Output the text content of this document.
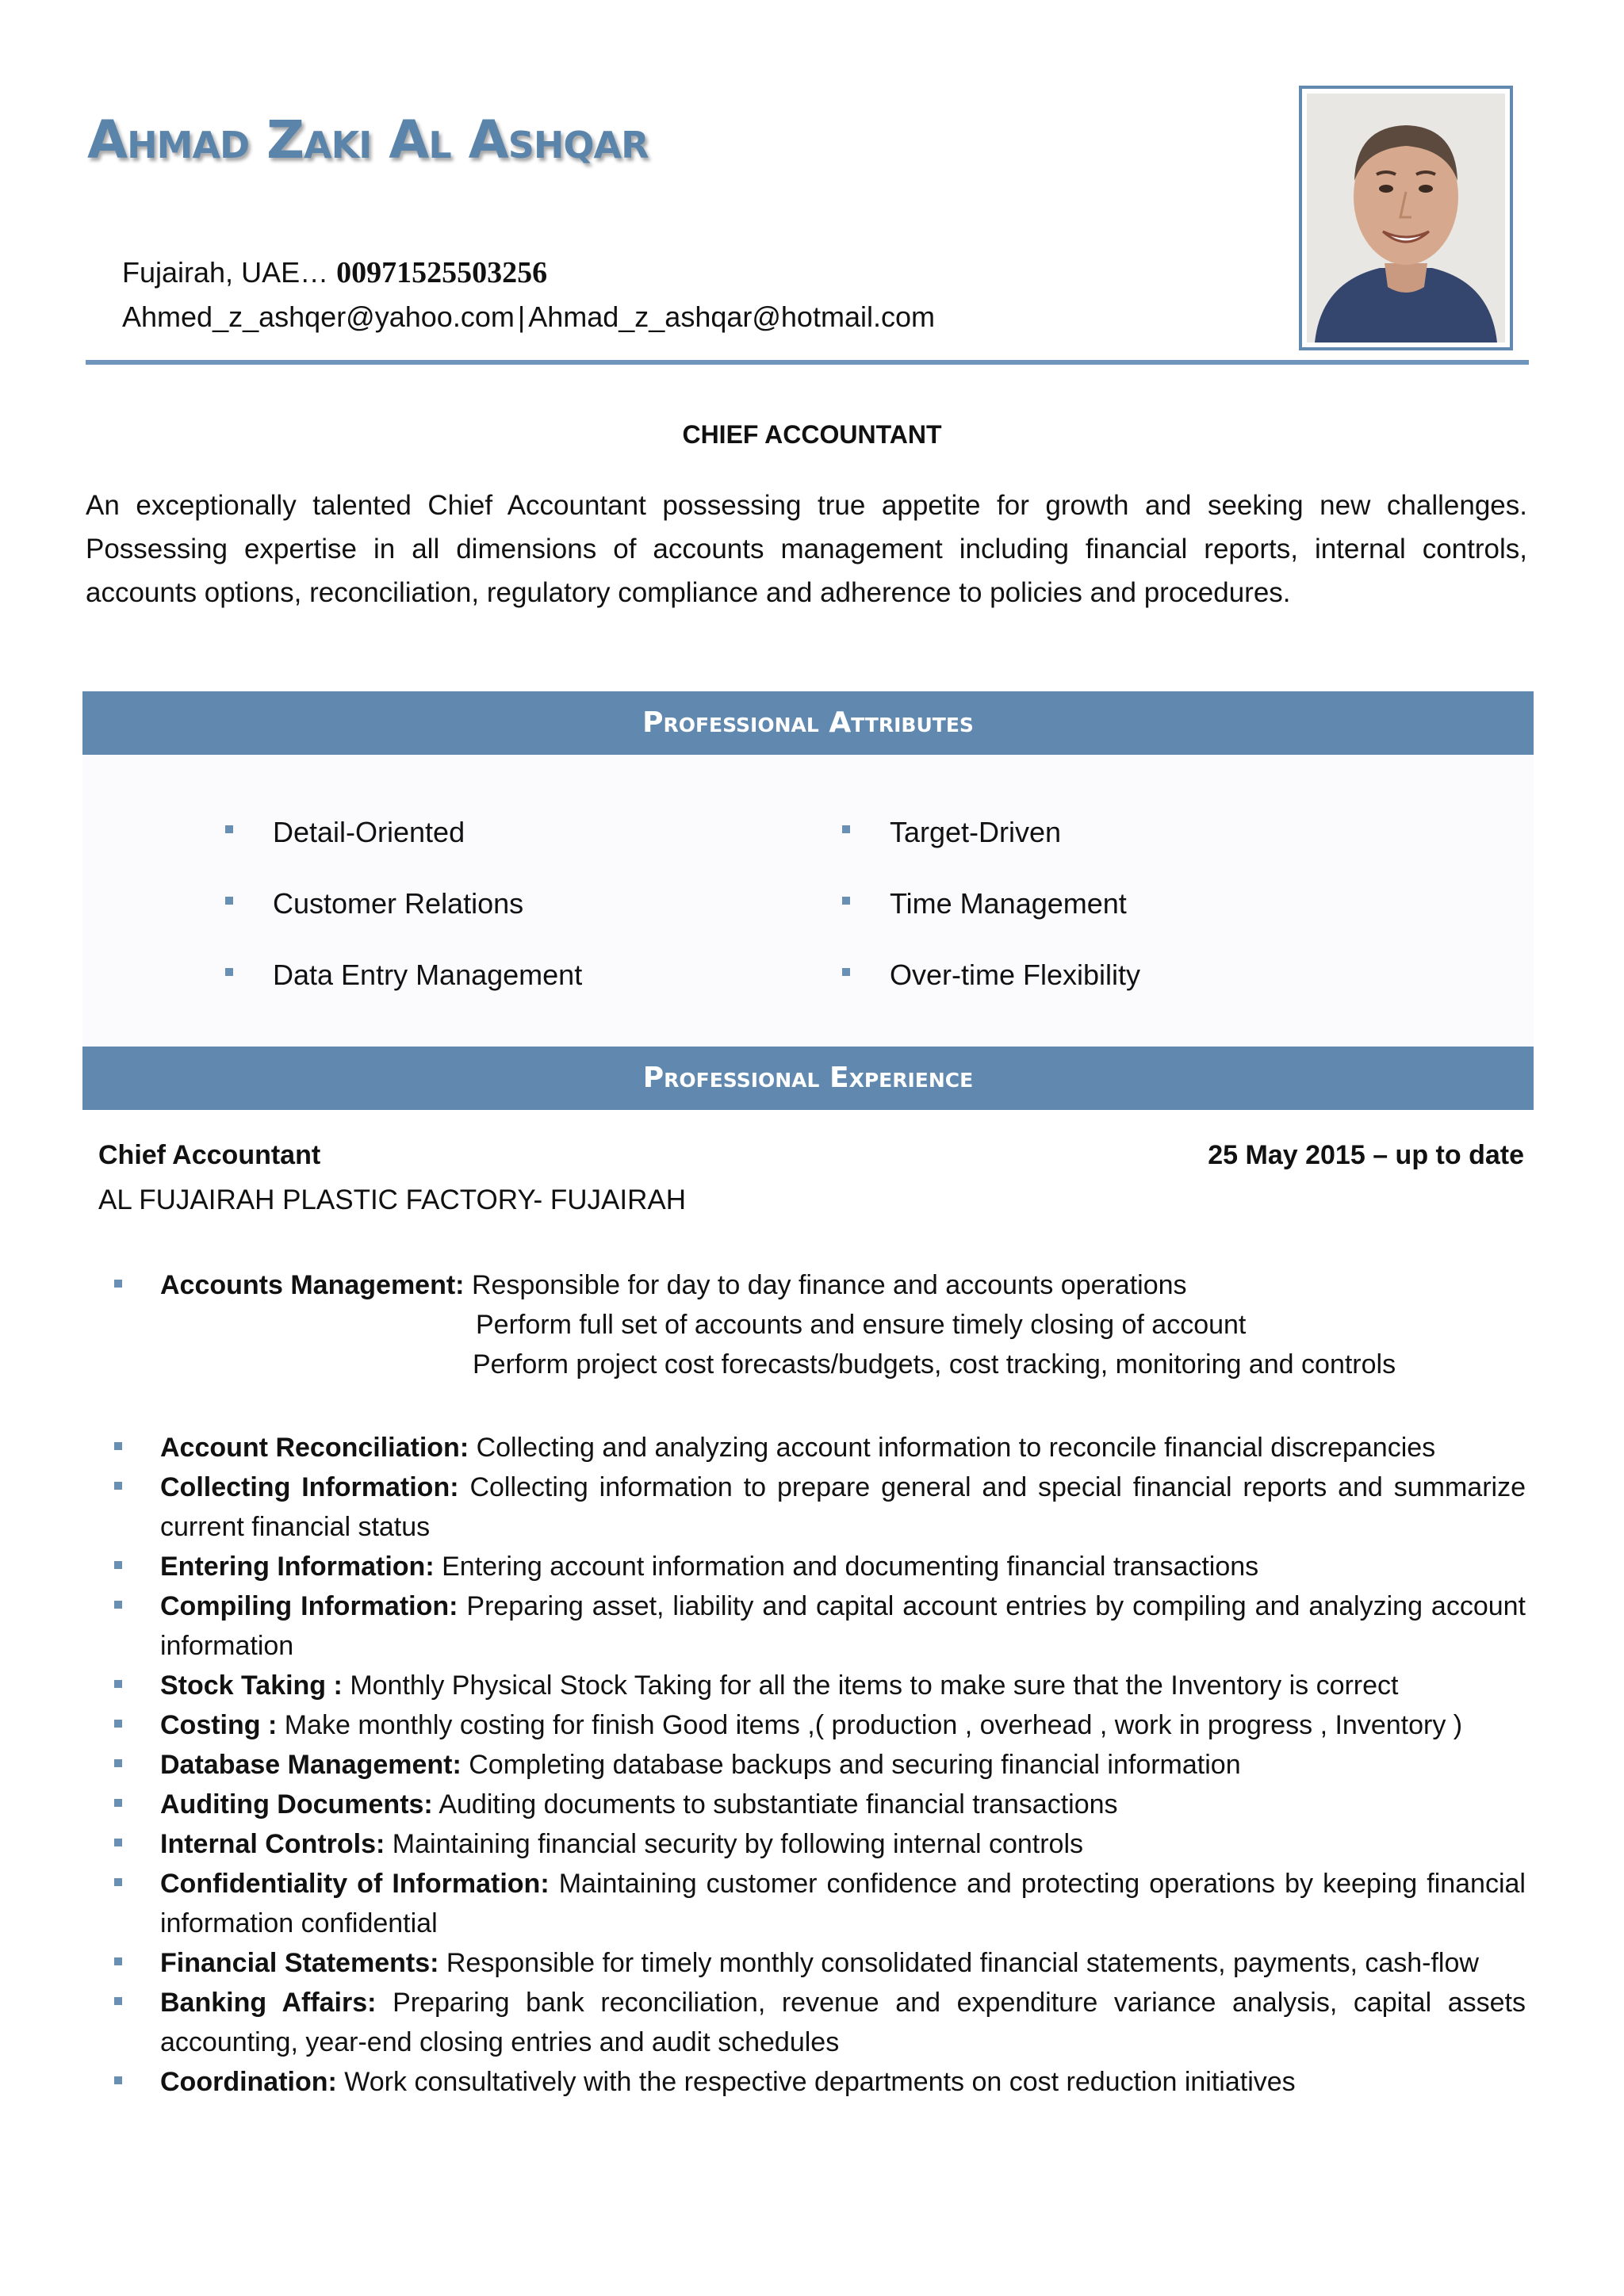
Ahmad Zaki Al Ashqar
Fujairah, UAE… 00971525503256
Ahmed_z_ashqer@yahoo.com | Ahmad_z_ashqar@hotmail.com
CHIEF ACCOUNTANT

An exceptionally talented Chief Accountant possessing true appetite for growth and seeking new challenges. Possessing expertise in all dimensions of accounts management including financial reports, internal controls, accounts options, reconciliation, regulatory compliance and adherence to policies and procedures.

Professional Attributes
Detail-Oriented
Customer Relations
Data Entry Management
Target-Driven
Time Management
Over-time Flexibility
Professional Experience

Chief Accountant	25 May 2015 – up to date

AL FUJAIRAH PLASTIC FACTORY- FUJAIRAH

Accounts Management: Responsible for day to day finance and accounts operations
Perform full set of accounts and ensure timely closing of account
Perform project cost forecasts/budgets, cost tracking, monitoring and controls
Account Reconciliation: Collecting and analyzing account information to reconcile financial discrepancies
Collecting Information: Collecting information to prepare general and special financial reports and summarize current financial status
Entering Information: Entering account information and documenting financial transactions
Compiling Information: Preparing asset, liability and capital account entries by compiling and analyzing account information
Stock Taking : Monthly Physical Stock Taking for all the items to make sure that the Inventory is correct
Costing : Make monthly costing for finish Good items ,( production , overhead , work in progress , Inventory )
Database Management: Completing database backups and securing financial information
Auditing Documents: Auditing documents to substantiate financial transactions
Internal Controls: Maintaining financial security by following internal controls
Confidentiality of Information: Maintaining customer confidence and protecting operations by keeping financial information confidential
Financial Statements: Responsible for timely monthly consolidated financial statements, payments, cash-flow
Banking Affairs: Preparing bank reconciliation, revenue and expenditure variance analysis, capital assets accounting, year-end closing entries and audit schedules
Coordination: Work consultatively with the respective departments on cost reduction initiatives
